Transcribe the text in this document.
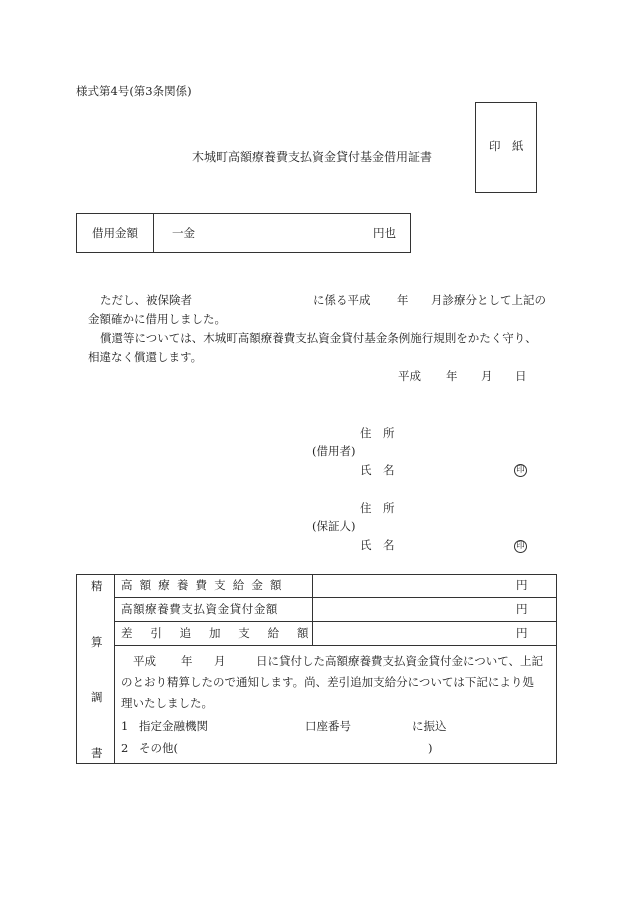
様式第4号(第3条関係)
木城町高額療養費支払資金貸付基金借用証書
印　紙
借用金額	一金	円也
ただし、被保険者	に係る平成 年 月診療分として上記の
金額確かに借用しました。
償還等については、木城町高額療養費支払資金貸付基金条例施行規則をかたく守り、
相違なく償還します。
平成 年 月 日
住　所
(借用者)
氏　名	印
住　所
(保証人)
氏　名	印
精
算
調
書
高額療養費支給金額	円
高額療養費支払資金貸付金額	円
差引追加支給額	円
平成 年 月	日に貸付した高額療養費支払資金貸付金について、上記
のとおり精算したので通知します。尚、差引追加支給分については下記により処
理いたしました。
1 指定金融機関	口座番号	に振込
2 その他(	)
